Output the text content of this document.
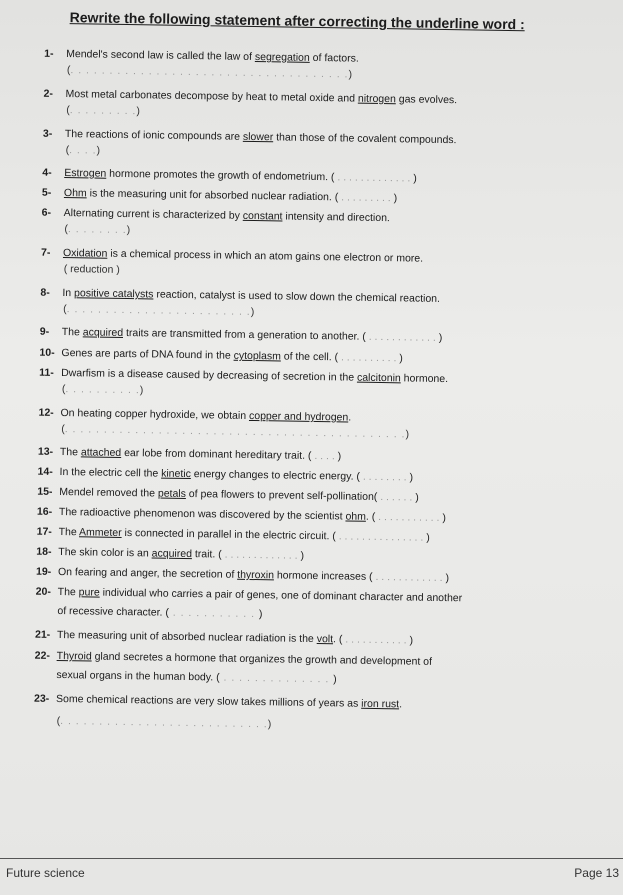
Rewrite the following statement after correcting the underline word :
1- Mendel's second law is called the law of segregation of factors.
(. . . . . . . . . . . . . . . . . . . . . . . . . . . . . . . . . . . .)
2- Most metal carbonates decompose by heat to metal oxide and nitrogen gas evolves.
(. . . . . . . . .)
3- The reactions of ionic compounds are slower than those of the covalent compounds.
(. . . .)
4- Estrogen hormone promotes the growth of endometrium. ( . . . . . . . . . . . . . )
5- Ohm is the measuring unit for absorbed nuclear radiation. ( . . . . . . . . . )
6- Alternating current is characterized by constant intensity and direction.
(. . . . . . . .)
7- Oxidation is a chemical process in which an atom gains one electron or more.
( reduction )
8- In positive catalysts reaction, catalyst is used to slow down the chemical reaction.
(. . . . . . . . . . . . . . . . . . . . . . . .)
9- The acquired traits are transmitted from a generation to another. ( . . . . . . . . . . . . )
10- Genes are parts of DNA found in the cytoplasm of the cell. ( . . . . . . . . . . )
11- Dwarfism is a disease caused by decreasing of secretion in the calcitonin hormone.
(. . . . . . . . . .)
12- On heating copper hydroxide, we obtain copper and hydrogen.
(. . . . . . . . . . . . . . . . . . . . . . . . . . . . . . . . . . . . . . . . . . . .)
13- The attached ear lobe from dominant hereditary trait. ( . . . . )
14- In the electric cell the kinetic energy changes to electric energy. ( . . . . . . . . )
15- Mendel removed the petals of pea flowers to prevent self-pollination( . . . . . . )
16- The radioactive phenomenon was discovered by the scientist ohm. ( . . . . . . . . . . . )
17- The Ammeter is connected in parallel in the electric circuit. ( . . . . . . . . . . . . . . . )
18- The skin color is an acquired trait. ( . . . . . . . . . . . . . )
19- On fearing and anger, the secretion of thyroxin hormone increases ( . . . . . . . . . . . . )
20- The pure individual who carries a pair of genes, one of dominant character and another
of recessive character. ( . . . . . . . . . . . )
21- The measuring unit of absorbed nuclear radiation is the volt. ( . . . . . . . . . . . )
22- Thyroid gland secretes a hormone that organizes the growth and development of
sexual organs in the human body. ( . . . . . . . . . . . . . . )
23- Some chemical reactions are very slow takes millions of years as iron rust.
(. . . . . . . . . . . . . . . . . . . . . . . . . . .)
Future science	Page 13
